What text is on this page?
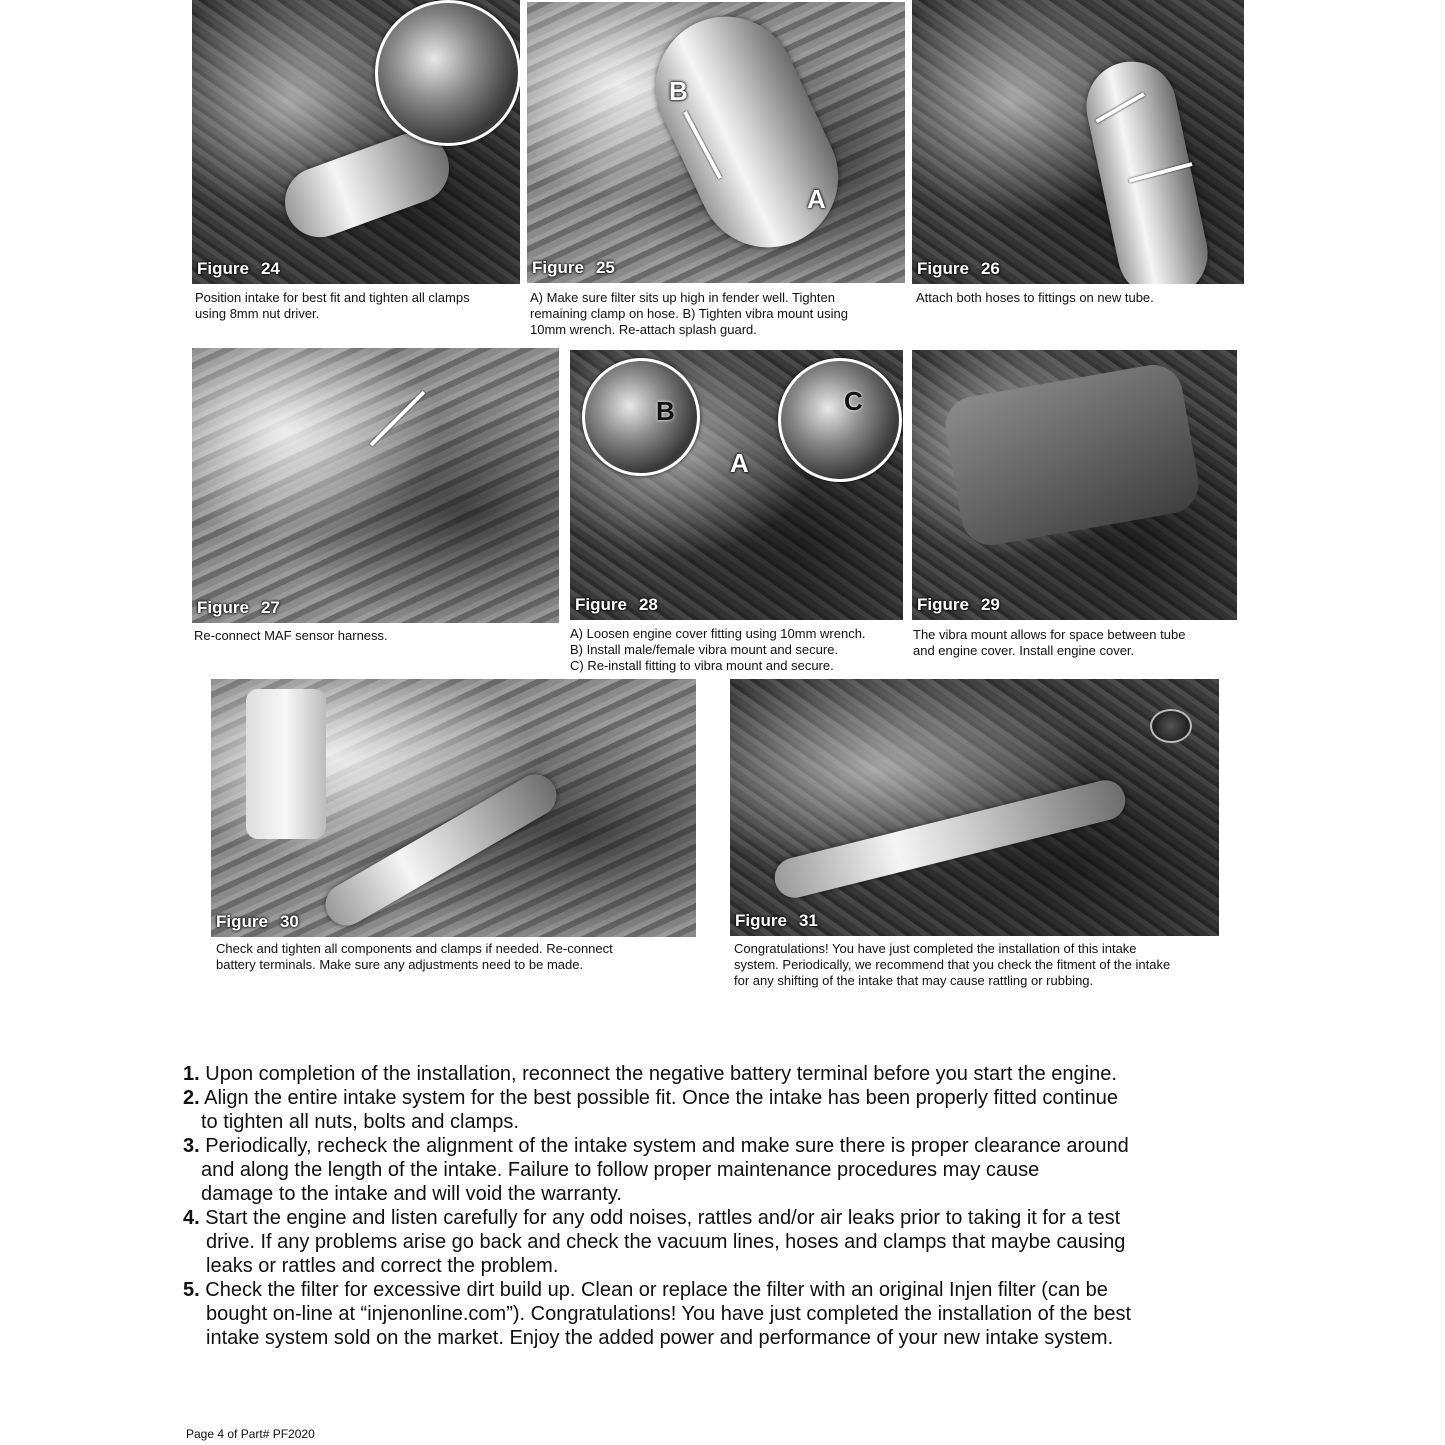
Figure 24
Position intake for best fit and tighten all clamps
using 8mm nut driver.
B
A
Figure 25
A) Make sure filter sits up high in fender well. Tighten
remaining clamp on hose. B) Tighten vibra mount using
10mm wrench. Re-attach splash guard.
Figure 26
Attach both hoses to fittings on new tube.
Figure 27
Re-connect MAF sensor harness.
B
A
C
Figure 28
A) Loosen engine cover fitting using 10mm wrench.
B) Install male/female vibra mount and secure.
C) Re-install fitting to vibra mount and secure.
Figure 29
The vibra mount allows for space between tube
and engine cover. Install engine cover.
Figure 30
Check and tighten all components and clamps if needed. Re-connect
battery terminals. Make sure any adjustments need to be made.
Figure 31
Congratulations! You have just completed the installation of this intake
system. Periodically, we recommend that you check the fitment of the intake
for any shifting of the intake that may cause rattling or rubbing.
1. Upon completion of the installation, reconnect the negative battery terminal before you start the engine.
2. Align the entire intake system for the best possible fit. Once the intake has been properly fitted continue
to tighten all nuts, bolts and clamps.
3. Periodically, recheck the alignment of the intake system and make sure there is proper clearance around
and along the length of the intake. Failure to follow proper maintenance procedures may cause
damage to the intake and will void the warranty.
4. Start the engine and listen carefully for any odd noises, rattles and/or air leaks prior to taking it for a test
drive. If any problems arise go back and check the vacuum lines, hoses and clamps that maybe causing
leaks or rattles and correct the problem.
5. Check the filter for excessive dirt build up. Clean or replace the filter with an original Injen filter (can be
bought on-line at “injenonline.com”). Congratulations! You have just completed the installation of the best
intake system sold on the market. Enjoy the added power and performance of your new intake system.
Page 4 of Part# PF2020
